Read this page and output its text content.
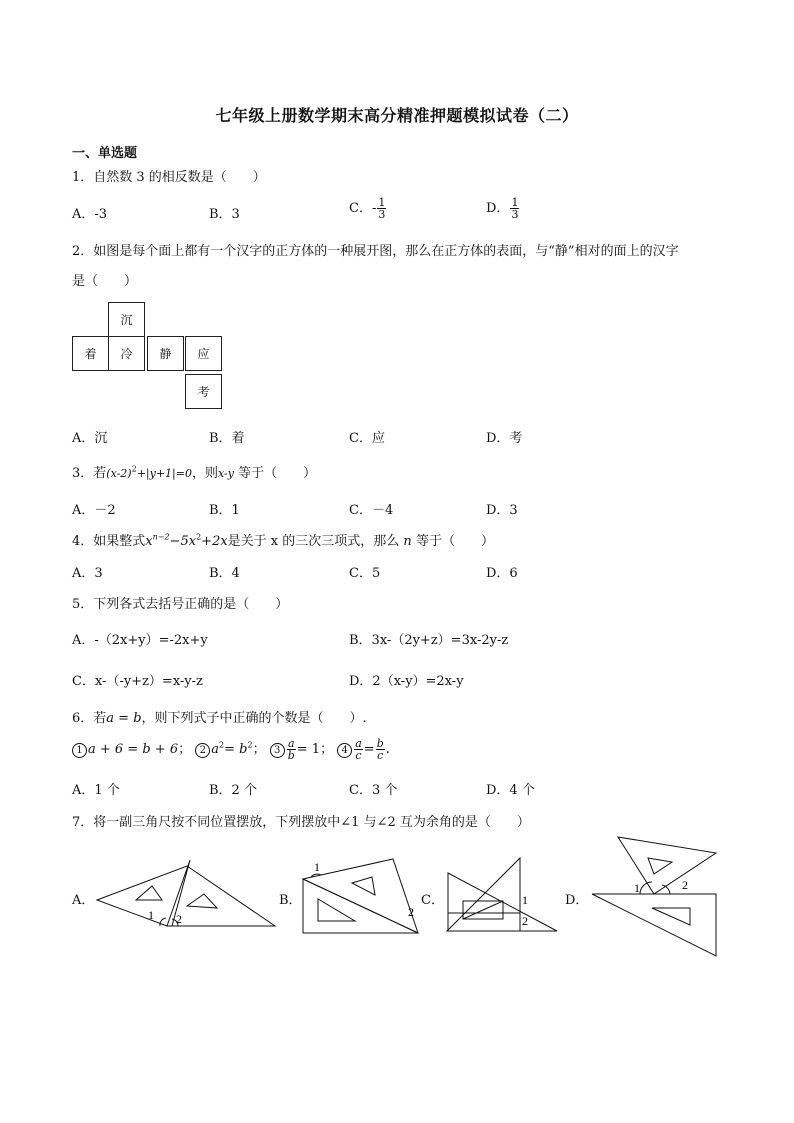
七年级上册数学期末高分精准押题模拟试卷（二）
一、单选题
1．自然数 3 的相反数是（　　）
A．-3	B．3	C．- $\frac{1}{3}$	D． $\frac{1}{3}$
2．如图是每个面上都有一个汉字的正方体的一种展开图，那么在正方体的表面，与“静”相对的面上的汉字
是（　　）
沉
着	冷	静	应
考
A．沉	B．着	C．应	D．考
3．若$(x-2)^2+|y+1|=0$，则x-y 等于（　　）
A．－2	B．1	C．－4	D．3
4．如果整式$x^{n-2}-5x^2+2x$是关于 x 的三次三项式，那么 n 等于（　　）
A．3	B．4	C．5	D．6
5．下列各式去括号正确的是（　　）
A．-（2x+y）=-2x+y	B．3x-（2y+z）=3x-2y-z
C．x-（-y+z）=x-y-z	D．2（x-y）=2x-y
6．若a = b，则下列式子中正确的个数是（　　）.
1 a + 6 = b + 6； 2 $a^2= b^2$； $3 \frac{a}{b} = 1$； $4 \frac{a}{c} = \frac{b}{c}$ .
A．1 个	B．2 个	C．3 个	D．4 个
7．将一副三角尺按不同位置摆放，下列摆放中∠1 与∠2 互为余角的是（　　）
A．	B．	C．	D．
1 2
1
2
1
2
1	2
